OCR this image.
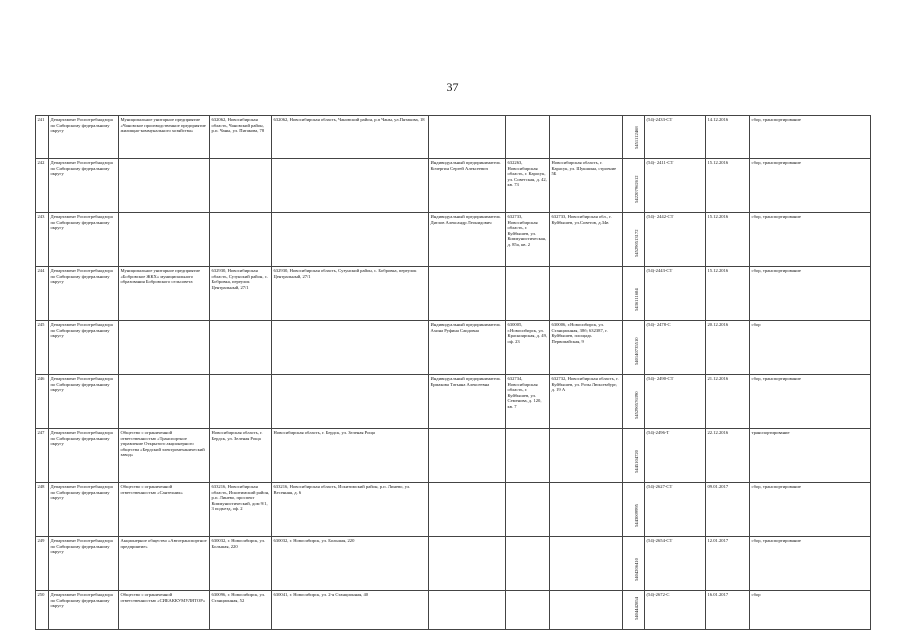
37
241	Департамент Роспотребнадзора по Сибирскому федеральному округу	Муниципальное унитарное предприятие «Чановское производственное предприятие жилищно-коммунального хозяйства»	632062, Новосибирская область, Чановский район, р.п. Чаны, ул. Пятакова, 78	632062, Новосибирская область, Чановский район, р.п Чаны, ул.Пятакова, 18				5451112468	(54)-2433-СТ	14.12.2016	сбор, транспортирование
242	Департамент Роспотребнадзора по Сибирскому федеральному округу				Индивидуальный предприниматель Кочергин Сергей Алексеевич	632263, Новосибирская область, г. Карасук, ул. Советская, д. 42, кв. 73	Новосибирская область, г. Карасук, ул. Шукшина, строение 5Б	542207962612	(54)- 2411-СТ	15.12.2016	сбор, транспортирование
243	Департамент Роспотребнадзора по Сибирскому федеральному округу				Индивидуальный предприниматель Дятлов Александр Леонидович	632733, Новосибирская область, г. Куйбышев, ул. Коммунистическая, д. 85а, кв. 2	632733, Новосибирская обл., г. Куйбышев, ул.Советов, д.34в	545290513172	(54)- 2442-СТ	15.12.2016	сбор, транспортирование
244	Департамент Роспотребнадзора по Сибирскому федеральному округу	Муниципальное унитарное предприятие «Бобровское ЖКХ» муниципального образования Бобровского сельсовета	632930, Новосибирская область, Сузунский район, с. Бобровка, переулок Центральный, 27/1	632930, Новосибирская область, Сузунский район, с. Бобровка, переулок Центральный, 27/1				5436111684	(54)-2443-СТ	15.12.2016	сбор, транспортирование
245	Департамент Роспотребнадзора по Сибирскому федеральному округу				Индивидуальный предприниматель Ахина Руфина Саидовна	630005, г.Новосибирск, ул. Красноярская, д. 49, оф. 23	630006, г.Новосибирск, ул. Станционная, 38б; 632387, г. Куйбышев, площадь Первомайская, 9	540140735510	(54)- 2478-С	20.12.2016	сбор
246	Департамент Роспотребнадзора по Сибирскому федеральному округу				Индивидуальный предприниматель Ермакова Татьяна Алексеевна	632734, Новосибирская область, г. Куйбышев, ул. Семенова, д. 120, кв. 7	632732, Новосибирская область, г. Куйбышев, ул. Розы Люксембург, д. 19 А	545290576390	(54)- 2490-СТ	21.12.2016	сбор, транспортирование
247	Департамент Роспотребнадзора по Сибирскому федеральному округу	Общество с ограниченной ответственностью «Транспортное управление Открытого акционерного общества «Бердский электромеханический завод»	Новосибирская область, г. Бердск, ул. Зеленая Роща	Новосибирская область, г. Бердск, ул. Зеленая Роща				5445104720	(54)-2496-Т	22.12.2016	транспортирование
248	Департамент Роспотребнадзора по Сибирскому федеральному округу	Общество с ограниченной ответственностью «Сантехник»	633216, Новосибирская область, Искитимский район, р.п. Линево, проспект Коммунистический, дом 9/1, 3 подъезд, оф. 2	633216, Новосибирская область, Искитимский район, р.п. Линево, ул. Весенняя, д. 6				5443009995	(54)-2627-СТ	09.01.2017	сбор, транспортирование
249	Департамент Роспотребнадзора по Сибирскому федеральному округу	Акционерное общество «Автотранспортное предприятие»	630032, г. Новосибирск, ул. Большая, 220	630032, г. Новосибирск, ул. Большая, 220				5404206410	(54)-2654-СТ	12.01.2017	сбор, транспортирование
250	Департамент Роспотребнадзора по Сибирскому федеральному округу	Общество с ограниченной ответственностью «СИБАККУМУЛЯТОР»	630096, г. Новосибирск, ул. Станционная, 52	630041, г. Новосибирск, ул. 2-я Станционная, 40				5404442854	(54)-2672-С	16.01.2017	сбор
